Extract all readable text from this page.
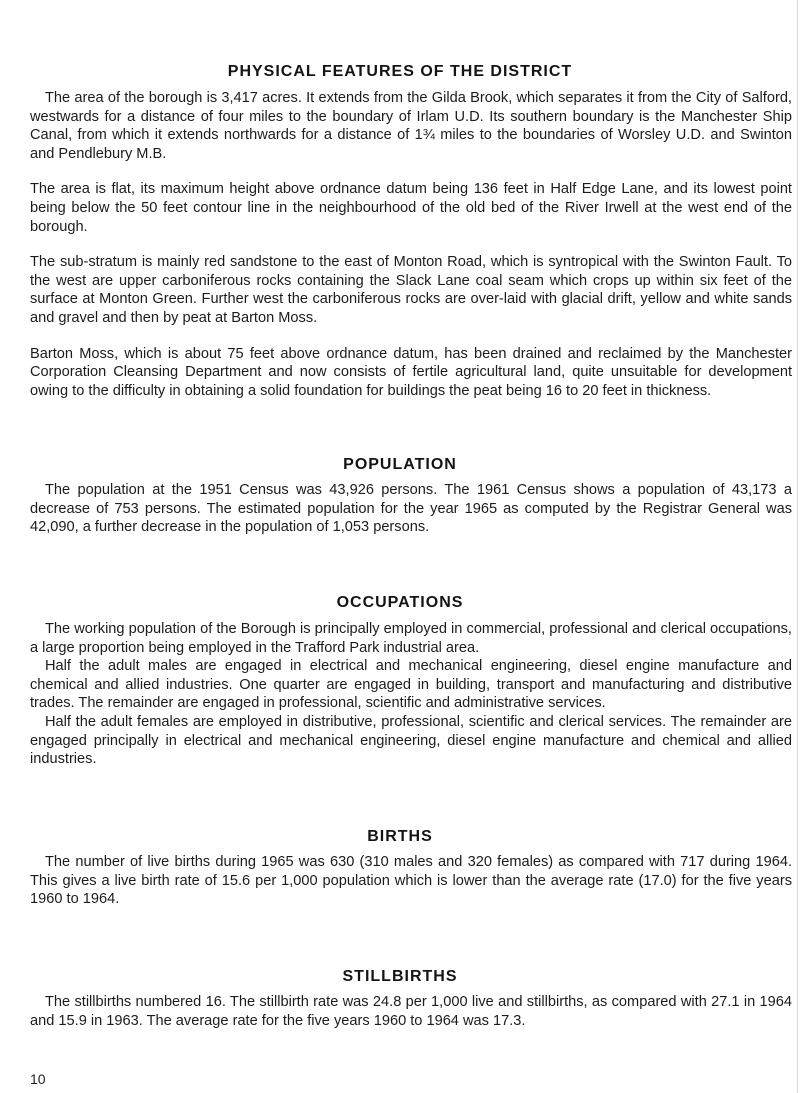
PHYSICAL FEATURES OF THE DISTRICT

The area of the borough is 3,417 acres. It extends from the Gilda Brook, which separates it from the City of Salford, westwards for a distance of four miles to the boundary of Irlam U.D. Its southern boundary is the Manchester Ship Canal, from which it extends northwards for a distance of 1¾ miles to the boundaries of Worsley U.D. and Swinton and Pendlebury M.B.

The area is flat, its maximum height above ordnance datum being 136 feet in Half Edge Lane, and its lowest point being below the 50 feet contour line in the neighbourhood of the old bed of the River Irwell at the west end of the borough.

The sub-stratum is mainly red sandstone to the east of Monton Road, which is syntropical with the Swinton Fault. To the west are upper carboniferous rocks containing the Slack Lane coal seam which crops up within six feet of the surface at Monton Green. Further west the carboniferous rocks are over-laid with glacial drift, yellow and white sands and gravel and then by peat at Barton Moss.

Barton Moss, which is about 75 feet above ordnance datum, has been drained and reclaimed by the Manchester Corporation Cleansing Department and now consists of fertile agricultural land, quite unsuitable for development owing to the difficulty in obtaining a solid foundation for buildings the peat being 16 to 20 feet in thickness.

POPULATION

The population at the 1951 Census was 43,926 persons. The 1961 Census shows a population of 43,173 a decrease of 753 persons. The estimated population for the year 1965 as computed by the Registrar General was 42,090, a further decrease in the population of 1,053 persons.

OCCUPATIONS

The working population of the Borough is principally employed in commercial, professional and clerical occupations, a large proportion being employed in the Trafford Park industrial area.

Half the adult males are engaged in electrical and mechanical engineering, diesel engine manufacture and chemical and allied industries. One quarter are engaged in building, transport and manufacturing and distributive trades. The remainder are engaged in professional, scientific and administrative services.

Half the adult females are employed in distributive, professional, scientific and clerical services. The remainder are engaged principally in electrical and mechanical engineering, diesel engine manufacture and chemical and allied industries.

BIRTHS

The number of live births during 1965 was 630 (310 males and 320 females) as compared with 717 during 1964. This gives a live birth rate of 15.6 per 1,000 population which is lower than the average rate (17.0) for the five years 1960 to 1964.

STILLBIRTHS

The stillbirths numbered 16. The stillbirth rate was 24.8 per 1,000 live and stillbirths, as compared with 27.1 in 1964 and 15.9 in 1963. The average rate for the five years 1960 to 1964 was 17.3.

10
